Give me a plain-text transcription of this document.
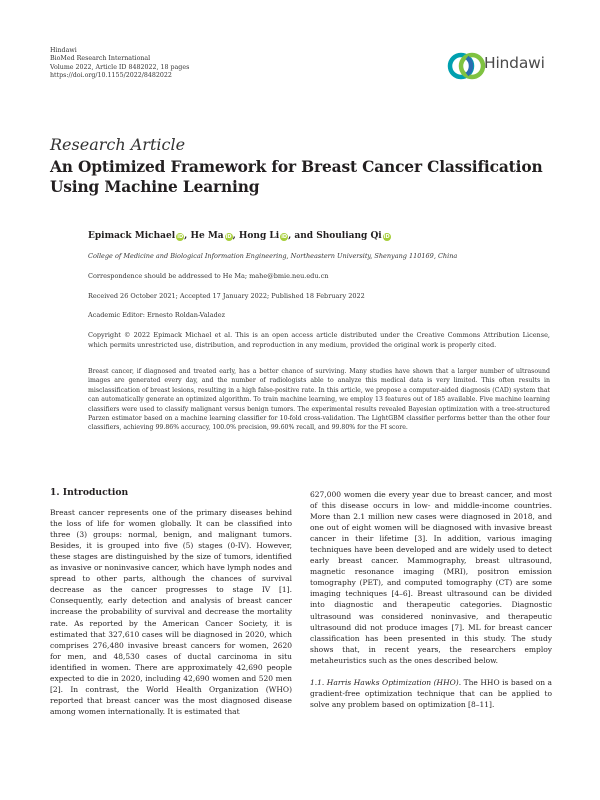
Hindawi
BioMed Research International
Volume 2022, Article ID 8482022, 18 pages
https://doi.org/10.1155/2022/8482022
Hindawi
Research Article
An Optimized Framework for Breast Cancer Classification Using Machine Learning
Epimack Michael iD, He Ma iD, Hong Li iD, and Shouliang Qi iD
College of Medicine and Biological Information Engineering, Northeastern University, Shenyang 110169, China
Correspondence should be addressed to He Ma; mahe@bmie.neu.edu.cn
Received 26 October 2021; Accepted 17 January 2022; Published 18 February 2022
Academic Editor: Ernesto Roldan-Valadez
Copyright © 2022 Epimack Michael et al. This is an open access article distributed under the Creative Commons Attribution License, which permits unrestricted use, distribution, and reproduction in any medium, provided the original work is properly cited.
Breast cancer, if diagnosed and treated early, has a better chance of surviving. Many studies have shown that a larger number of ultrasound images are generated every day, and the number of radiologists able to analyze this medical data is very limited. This often results in misclassification of breast lesions, resulting in a high false-positive rate. In this article, we propose a computer-aided diagnosis (CAD) system that can automatically generate an optimized algorithm. To train machine learning, we employ 13 features out of 185 available. Five machine learning classifiers were used to classify malignant versus benign tumors. The experimental results revealed Bayesian optimization with a tree-structured Parzen estimator based on a machine learning classifier for 10-fold cross-validation. The LightGBM classifier performs better than the other four classifiers, achieving 99.86% accuracy, 100.0% precision, 99.60% recall, and 99.80% for the FI score.
1. Introduction
Breast cancer represents one of the primary diseases behind the loss of life for women globally. It can be classified into three (3) groups: normal, benign, and malignant tumors. Besides, it is grouped into five (5) stages (0-IV). However, these stages are distinguished by the size of tumors, identified as invasive or noninvasive cancer, which have lymph nodes and spread to other parts, although the chances of survival decrease as the cancer progresses to stage IV [1]. Consequently, early detection and analysis of breast cancer increase the probability of survival and decrease the mortality rate. As reported by the American Cancer Society, it is estimated that 327,610 cases will be diagnosed in 2020, which comprises 276,480 invasive breast cancers for women, 2620 for men, and 48,530 cases of ductal carcinoma in situ identified in women. There are approximately 42,690 people expected to die in 2020, including 42,690 women and 520 men [2]. In contrast, the World Health Organization (WHO) reported that breast cancer was the most diagnosed disease among women internationally. It is estimated that
627,000 women die every year due to breast cancer, and most of this disease occurs in low- and middle-income countries. More than 2.1 million new cases were diagnosed in 2018, and one out of eight women will be diagnosed with invasive breast cancer in their lifetime [3]. In addition, various imaging techniques have been developed and are widely used to detect early breast cancer. Mammography, breast ultrasound, magnetic resonance imaging (MRI), positron emission tomography (PET), and computed tomography (CT) are some imaging techniques [4–6]. Breast ultrasound can be divided into diagnostic and therapeutic categories. Diagnostic ultrasound was considered noninvasive, and therapeutic ultrasound did not produce images [7]. ML for breast cancer classification has been presented in this study. The study shows that, in recent years, the researchers employ metaheuristics such as the ones described below.
1.1. Harris Hawks Optimization (HHO). The HHO is based on a gradient-free optimization technique that can be applied to solve any problem based on optimization [8–11].
